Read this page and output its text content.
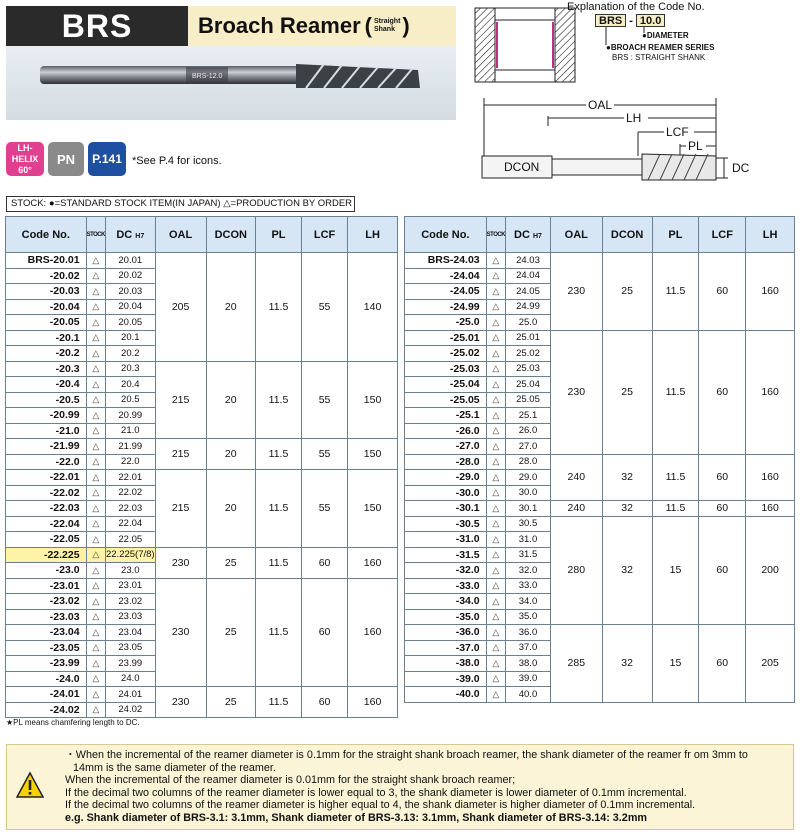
BRS	Broach Reamer ( Straight
Shank )
BRS-12.0
LH-HELIX
60°
PN	P.141 *See P.4 for icons.
Explanation of the Code No.
BRS - 10.0
●DIAMETER
●BROACH REAMER SERIES
BRS : STRAIGHT SHANK
OAL
LH
LCF
PL
DCON	DC
STOCK: ●=STANDARD STOCK ITEM(IN JAPAN) △=PRODUCTION BY ORDER
Code No.	STOCK	DC H7	OAL	DCON	PL	LCF	LH
BRS-20.01	△	20.01	205	20	11.5	55	140
-20.02	△	20.02					
-20.03	△	20.03					
-20.04	△	20.04					
-20.05	△	20.05					
-20.1	△	20.1					
-20.2	△	20.2					
-20.3	△	20.3	215	20	11.5	55	150
-20.4	△	20.4					
-20.5	△	20.5					
-20.99	△	20.99					
-21.0	△	21.0					
-21.99	△	21.99	215	20	11.5	55	150
-22.0	△	22.0					
-22.01	△	22.01	215	20	11.5	55	150
-22.02	△	22.02					
-22.03	△	22.03					
-22.04	△	22.04					
-22.05	△	22.05					
-22.225	△	22.225(7/8)	230	25	11.5	60	160
-23.0	△	23.0					
-23.01	△	23.01	230	25	11.5	60	160
-23.02	△	23.02					
-23.03	△	23.03					
-23.04	△	23.04					
-23.05	△	23.05					
-23.99	△	23.99					
-24.0	△	24.0					
-24.01	△	24.01	230	25	11.5	60	160
-24.02	△	24.02					
Code No.	STOCK	DC H7	OAL	DCON	PL	LCF	LH
BRS-24.03	△	24.03	230	25	11.5	60	160
-24.04	△	24.04					
-24.05	△	24.05					
-24.99	△	24.99					
-25.0	△	25.0					
-25.01	△	25.01	230	25	11.5	60	160
-25.02	△	25.02					
-25.03	△	25.03					
-25.04	△	25.04					
-25.05	△	25.05					
-25.1	△	25.1					
-26.0	△	26.0					
-27.0	△	27.0					
-28.0	△	28.0	240	32	11.5	60	160
-29.0	△	29.0					
-30.0	△	30.0					
-30.1	△	30.1	240	32	11.5	60	160
-30.5	△	30.5	280	32	15	60	200
-31.0	△	31.0					
-31.5	△	31.5					
-32.0	△	32.0					
-33.0	△	33.0					
-34.0	△	34.0					
-35.0	△	35.0					
-36.0	△	36.0	285	32	15	60	205
-37.0	△	37.0					
-38.0	△	38.0					
-39.0	△	39.0					
-40.0	△	40.0					
★PL means chamfering length to DC.

・When the incremental of the reamer diameter is 0.1mm for the straight shank broach reamer, the shank diameter of the reamer fr om 3mm to

14mm is the same diameter of the reamer.

When the incremental of the reamer diameter is 0.01mm for the straight shank broach reamer;

If the decimal two columns of the reamer diameter is lower equal to 3, the shank diameter is lower diameter of 0.1mm incremental.

If the decimal two columns of the reamer diameter is higher equal to 4, the shank diameter is higher diameter of 0.1mm incremental.

e.g. Shank diameter of BRS-3.1: 3.1mm, Shank diameter of BRS-3.13: 3.1mm, Shank diameter of BRS-3.14: 3.2mm
